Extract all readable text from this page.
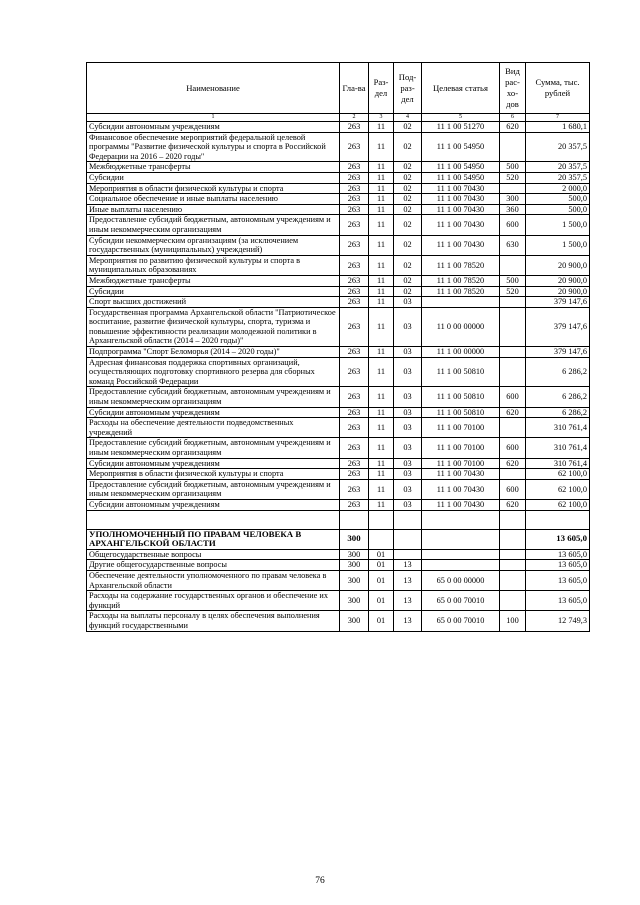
Наименование	Гла-ва	Раз-дел	Под-раз-дел	Целевая статья	Вид рас-хо-дов	Сумма, тыс. рублей
1	2	3	4	5	6	7
Субсидии автономным учреждениям	263	11	02	11 1 00 51270	620	1 680,1
Финансовое обеспечение мероприятий федеральной целевой программы "Развитие физической культуры и спорта в Российской Федерации на 2016 – 2020 годы"	263	11	02	11 1 00 54950		20 357,5
Межбюджетные трансферты	263	11	02	11 1 00 54950	500	20 357,5
Субсидии	263	11	02	11 1 00 54950	520	20 357,5
Мероприятия в области физической культуры и спорта	263	11	02	11 1 00 70430		2 000,0
Социальное обеспечение и иные выплаты населению	263	11	02	11 1 00 70430	300	500,0
Иные выплаты населению	263	11	02	11 1 00 70430	360	500,0
Предоставление субсидий бюджетным, автономным учреждениям и иным некоммерческим организациям	263	11	02	11 1 00 70430	600	1 500,0
Субсидии некоммерческим организациям (за исключением государственных (муниципальных) учреждений)	263	11	02	11 1 00 70430	630	1 500,0
Мероприятия по развитию физической культуры и спорта в муниципальных образованиях	263	11	02	11 1 00 78520		20 900,0
Межбюджетные трансферты	263	11	02	11 1 00 78520	500	20 900,0
Субсидии	263	11	02	11 1 00 78520	520	20 900,0
Спорт высших достижений	263	11	03			379 147,6
Государственная программа Архангельской области "Патриотическое воспитание, развитие физической культуры, спорта, туризма и повышение эффективности реализации молодежной политики в Архангельской области (2014 – 2020 годы)"	263	11	03	11 0 00 00000		379 147,6
Подпрограмма "Спорт Беломорья (2014 – 2020 годы)"	263	11	03	11 1 00 00000		379 147,6
Адресная финансовая поддержка спортивных организаций, осуществляющих подготовку спортивного резерва для сборных команд Российской Федерации	263	11	03	11 1 00 50810		6 286,2
Предоставление субсидий бюджетным, автономным учреждениям и иным некоммерческим организациям	263	11	03	11 1 00 50810	600	6 286,2
Субсидии автономным учреждениям	263	11	03	11 1 00 50810	620	6 286,2
Расходы на обеспечение деятельности подведомственных учреждений	263	11	03	11 1 00 70100		310 761,4
Предоставление субсидий бюджетным, автономным учреждениям и иным некоммерческим организациям	263	11	03	11 1 00 70100	600	310 761,4
Субсидии автономным учреждениям	263	11	03	11 1 00 70100	620	310 761,4
Мероприятия в области физической культуры и спорта	263	11	03	11 1 00 70430		62 100,0
Предоставление субсидий бюджетным, автономным учреждениям и иным некоммерческим организациям	263	11	03	11 1 00 70430	600	62 100,0
Субсидии автономным учреждениям	263	11	03	11 1 00 70430	620	62 100,0

УПОЛНОМОЧЕННЫЙ ПО ПРАВАМ ЧЕЛОВЕКА В АРХАНГЕЛЬСКОЙ ОБЛАСТИ	300					13 605,0
Общегосударственные вопросы	300	01				13 605,0
Другие общегосударственные вопросы	300	01	13			13 605,0
Обеспечение деятельности уполномоченного по правам человека в Архангельской области	300	01	13	65 0 00 00000		13 605,0
Расходы на содержание государственных органов и обеспечение их функций	300	01	13	65 0 00 70010		13 605,0
Расходы на выплаты персоналу в целях обеспечения выполнения функций государственными	300	01	13	65 0 00 70010	100	12 749,3
76
